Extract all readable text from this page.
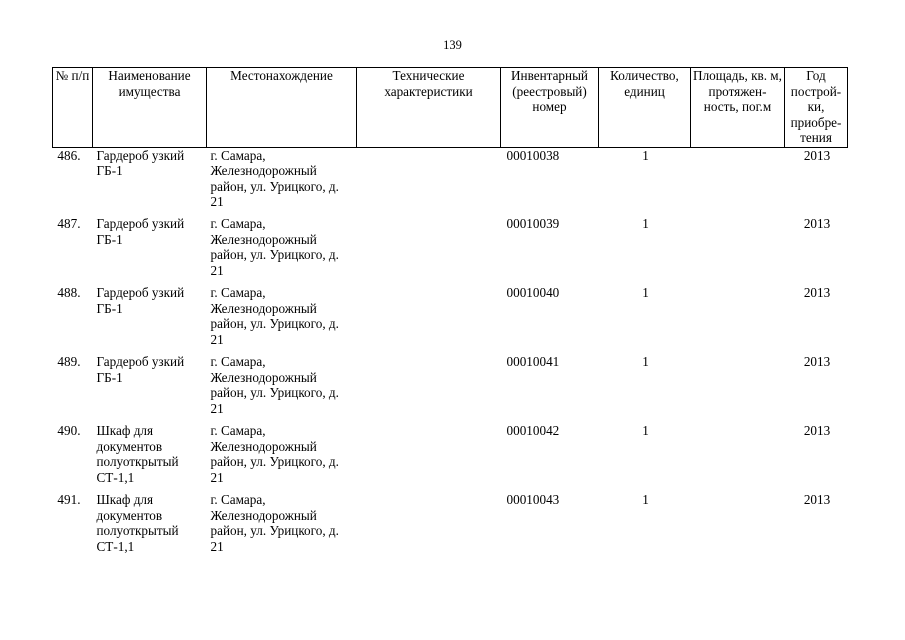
139
№ п/п	Наименование имущества	Местонахождение	Технические характеристики	Инвентарный (реестровый) номер	Количество, единиц	Площадь, кв. м, протяжен-ность, пог.м	Год построй-ки, приобре-тения
486.	Гардероб узкий ГБ-1	г. Самара, Железнодорожный район, ул. Урицкого, д. 21		00010038	1		2013
487.	Гардероб узкий ГБ-1	г. Самара, Железнодорожный район, ул. Урицкого, д. 21		00010039	1		2013
488.	Гардероб узкий ГБ-1	г. Самара, Железнодорожный район, ул. Урицкого, д. 21		00010040	1		2013
489.	Гардероб узкий ГБ-1	г. Самара, Железнодорожный район, ул. Урицкого, д. 21		00010041	1		2013
490.	Шкаф для документов полуоткрытый СТ-1,1	г. Самара, Железнодорожный район, ул. Урицкого, д. 21		00010042	1		2013
491.	Шкаф для документов полуоткрытый СТ-1,1	г. Самара, Железнодорожный район, ул. Урицкого, д. 21		00010043	1		2013
